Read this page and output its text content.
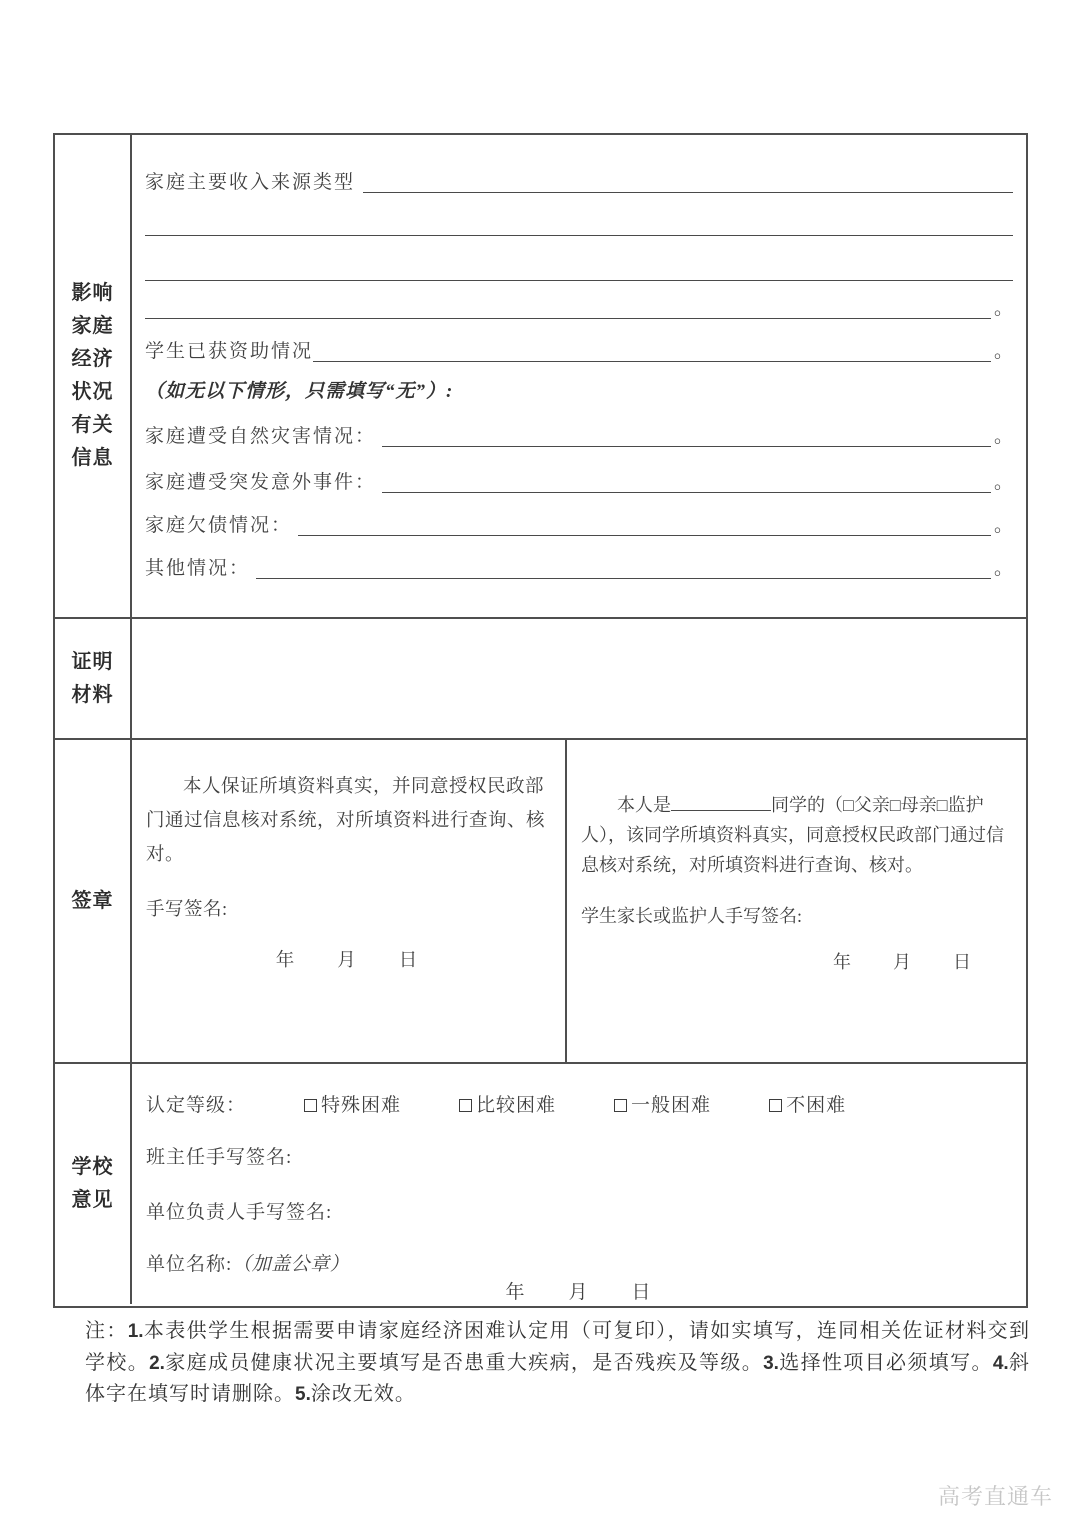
影响家庭经济状况有关信息
家庭主要收入来源类型
。
学生已获资助情况	。
（如无以下情形，只需填写“无”）:
家庭遭受自然灾害情况：	。
家庭遭受突发意外事件：	。
家庭欠债情况：	。
其他情况：	。
证明材料
签章

本人保证所填资料真实，并同意授权民政部门通过信息核对系统，对所填资料进行查询、核对。

手写签名:
年　　月　　日

本人是	同学的（□父亲□母亲□监护人），该同学所填资料真实，同意授权民政部门通过信息核对系统，对所填资料进行查询、核对。

学生家长或监护人手写签名:
年　　月　　日
学校意见
认定等级：	特殊困难	比较困难	一般困难	不困难
班主任手写签名:
单位负责人手写签名:
单位名称: （加盖公章）
年　　月　　日
注：1.本表供学生根据需要申请家庭经济困难认定用（可复印），请如实填写，连同相关佐证材料交到学校。2.家庭成员健康状况主要填写是否患重大疾病，是否残疾及等级。3.选择性项目必须填写。4.斜体字在填写时请删除。5.涂改无效。
高考直通车
